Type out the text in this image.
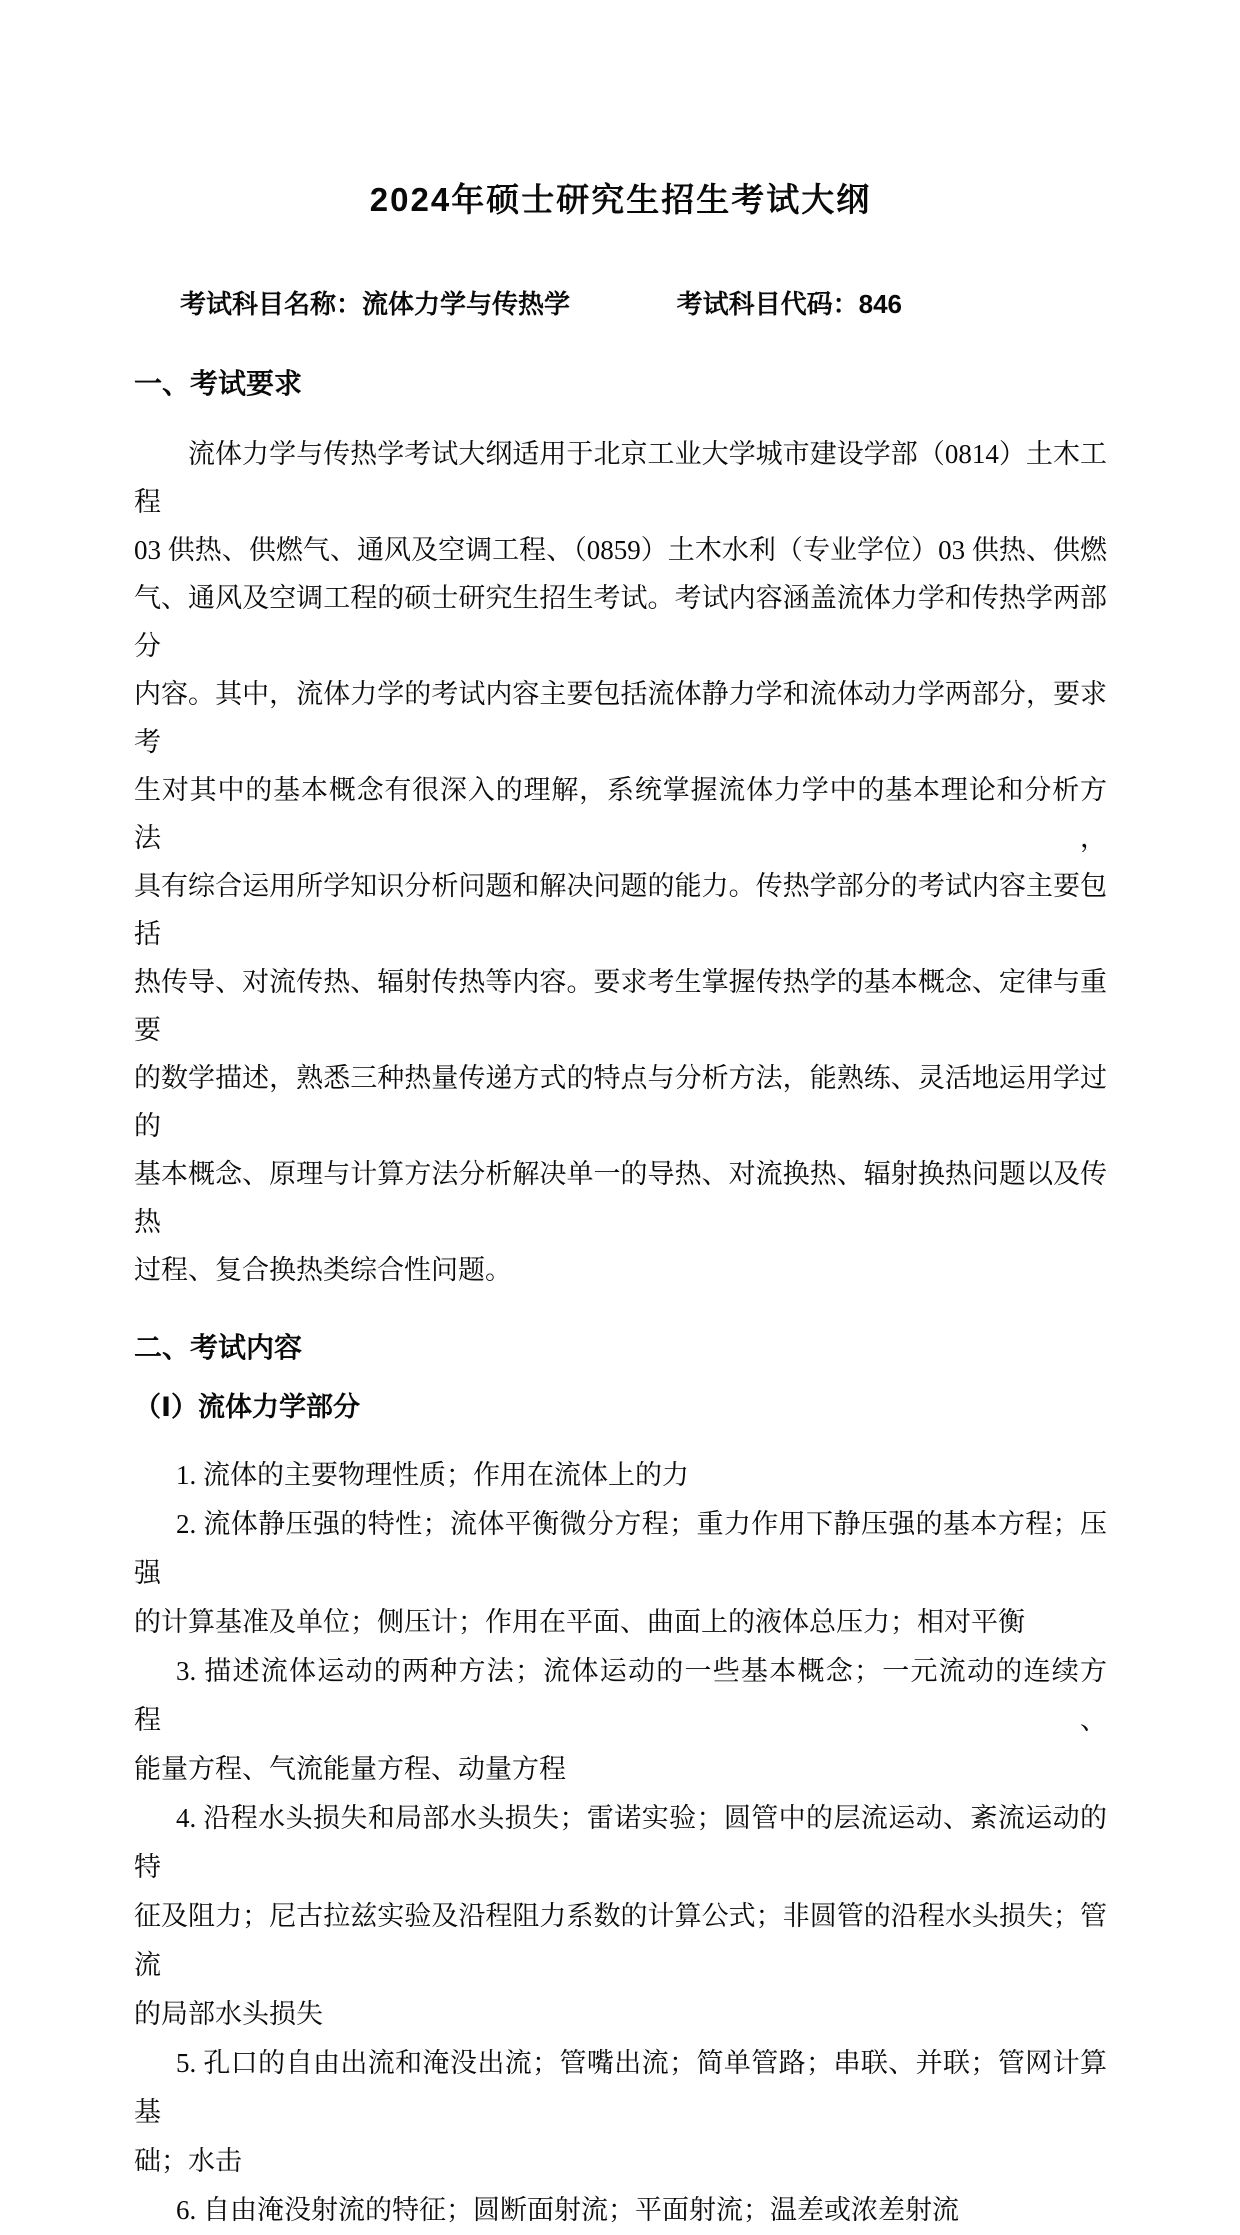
2024年硕士研究生招生考试大纲
考试科目名称：流体力学与传热学	考试科目代码：846
一、考试要求
流体力学与传热学考试大纲适用于北京工业大学城市建设学部（0814）土木工程
03 供热、供燃气、通风及空调工程、（0859）土木水利（专业学位）03 供热、供燃
气、通风及空调工程的硕士研究生招生考试。考试内容涵盖流体力学和传热学两部分
内容。其中，流体力学的考试内容主要包括流体静力学和流体动力学两部分，要求考
生对其中的基本概念有很深入的理解，系统掌握流体力学中的基本理论和分析方法，
具有综合运用所学知识分析问题和解决问题的能力。传热学部分的考试内容主要包括
热传导、对流传热、辐射传热等内容。要求考生掌握传热学的基本概念、定律与重要
的数学描述，熟悉三种热量传递方式的特点与分析方法，能熟练、灵活地运用学过的
基本概念、原理与计算方法分析解决单一的导热、对流换热、辐射换热问题以及传热
过程、复合换热类综合性问题。
二、考试内容
（Ⅰ）流体力学部分
1. 流体的主要物理性质；作用在流体上的力
2. 流体静压强的特性；流体平衡微分方程；重力作用下静压强的基本方程；压强
的计算基准及单位；侧压计；作用在平面、曲面上的液体总压力；相对平衡
3. 描述流体运动的两种方法；流体运动的一些基本概念；一元流动的连续方程、
能量方程、气流能量方程、动量方程
4. 沿程水头损失和局部水头损失；雷诺实验；圆管中的层流运动、紊流运动的特
征及阻力；尼古拉兹实验及沿程阻力系数的计算公式；非圆管的沿程水头损失；管流
的局部水头损失
5. 孔口的自由出流和淹没出流；管嘴出流；简单管路；串联、并联；管网计算基
础；水击
6. 自由淹没射流的特征；圆断面射流；平面射流；温差或浓差射流
